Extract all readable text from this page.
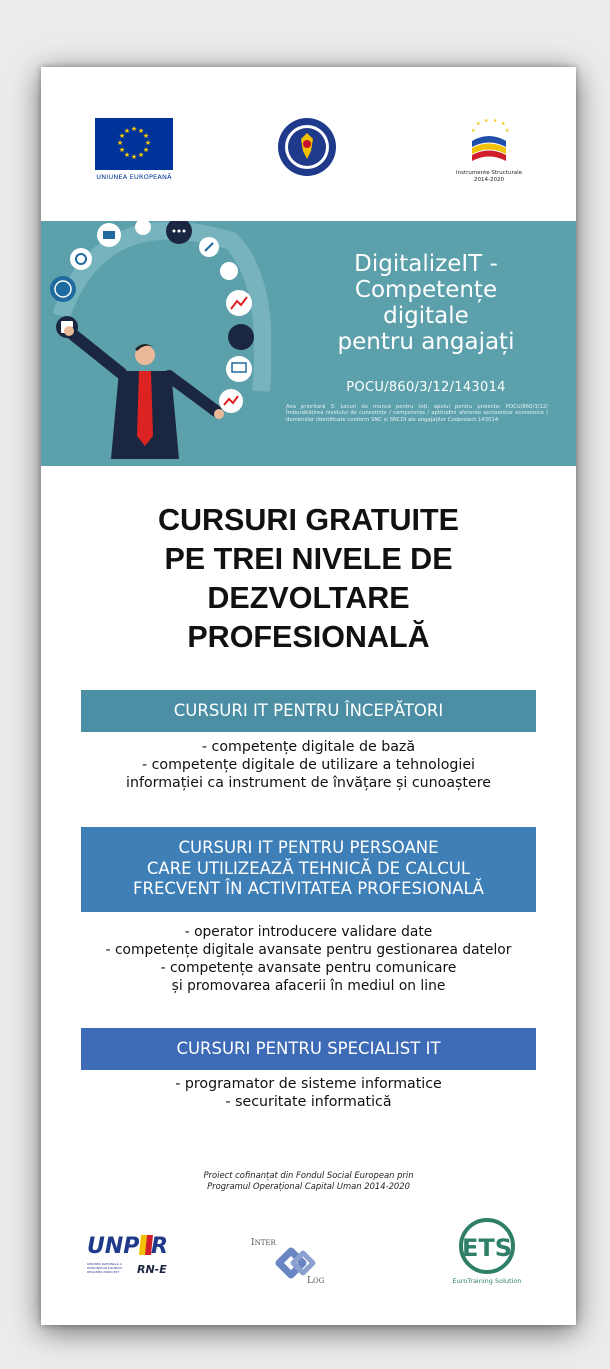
★ ★
★
★
★
★
★
★
★
★
★
★
UNIUNEA EUROPEANĂ
★ ★ ★ ★
★	★
Instrumente Structurale
2014-2020
DigitalizeIT -
Competențe
digitale
pentru angajați
POCU/860/3/12/143014
Axa prioritară 3: Locuri de muncă pentru toți, apelul pentru proiecte: POCU/860/3/12/ Îmbunătățirea nivelului de cunoștințe / competențe / aptitudini aferente sectoarelor economice / domeniilor identificate conform SNC și SNCDI ale angajaților Codproiect 143014
CURSURI GRATUITE
PE TREI NIVELE DE
DEZVOLTARE
PROFESIONALĂ
CURSURI IT PENTRU ÎNCEPĂTORI
- competențe digitale de bază
- competențe digitale de utilizare a tehnologiei
informației ca instrument de învățare și cunoaștere
CURSURI IT PENTRU PERSOANE
CARE UTILIZEAZĂ TEHNICĂ DE CALCUL
FRECVENT ÎN ACTIVITATEA PROFESIONALĂ
- operator introducere validare date
- competențe digitale avansate pentru gestionarea datelor
- competențe avansate pentru comunicare
și promovarea afacerii în mediul on line
CURSURI PENTRU SPECIALIST IT
- programator de sisteme informatice
- securitate informatică
Proiect cofinanțat din Fondul Social European prin
Programul Operațional Capital Uman 2014-2020
UNP R
UNIUNEA NAȚIONALĂ A
PATRONATULUI ROMÂN
REGIUNEA NORD-EST RN-E
INTER
LOG
ETS
EuroTraining Solution
